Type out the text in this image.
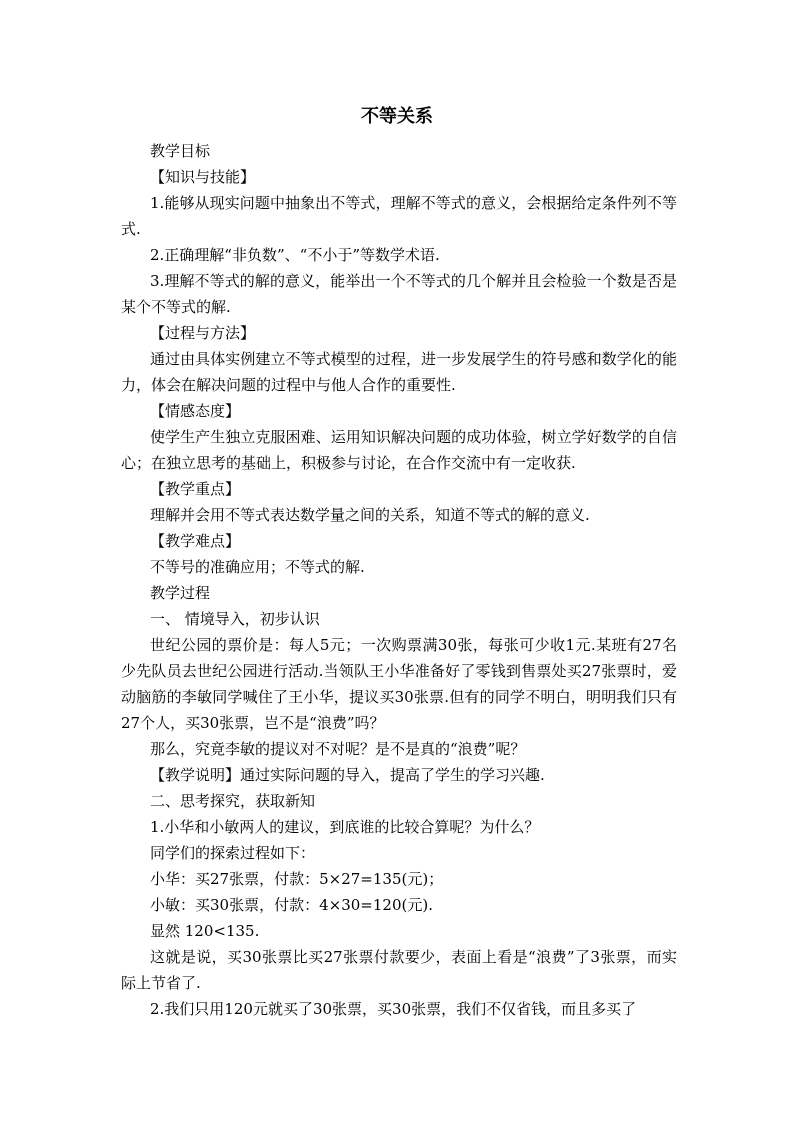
不等关系

教学目标

【知识与技能】

1.能够从现实问题中抽象出不等式，理解不等式的意义，会根据给定条件列不等式.

2.正确理解“非负数”、“不小于”等数学术语.

3.理解不等式的解的意义，能举出一个不等式的几个解并且会检验一个数是否是某个不等式的解.

【过程与方法】

通过由具体实例建立不等式模型的过程，进一步发展学生的符号感和数学化的能力，体会在解决问题的过程中与他人合作的重要性.

【情感态度】

使学生产生独立克服困难、运用知识解决问题的成功体验，树立学好数学的自信心；在独立思考的基础上，积极参与讨论，在合作交流中有一定收获.

【教学重点】

理解并会用不等式表达数学量之间的关系，知道不等式的解的意义.

【教学难点】

不等号的准确应用；不等式的解.

教学过程

一、 情境导入，初步认识

世纪公园的票价是：每人5元；一次购票满30张，每张可少收1元.某班有27名少先队员去世纪公园进行活动.当领队王小华准备好了零钱到售票处买27张票时，爱动脑筋的李敏同学喊住了王小华，提议买30张票.但有的同学不明白，明明我们只有27个人，买30张票，岂不是“浪费”吗？

那么，究竟李敏的提议对不对呢？是不是真的“浪费”呢？

【教学说明】通过实际问题的导入，提高了学生的学习兴趣.

二、思考探究，获取新知

1.小华和小敏两人的建议，到底谁的比较合算呢？为什么？

同学们的探索过程如下：

小华：买27张票，付款：5×27=135(元)；

小敏：买30张票，付款：4×30=120(元).

显然 120<135.

这就是说，买30张票比买27张票付款要少，表面上看是“浪费”了3张票，而实际上节省了.

2.我们只用120元就买了30张票，买30张票，我们不仅省钱，而且多买了
